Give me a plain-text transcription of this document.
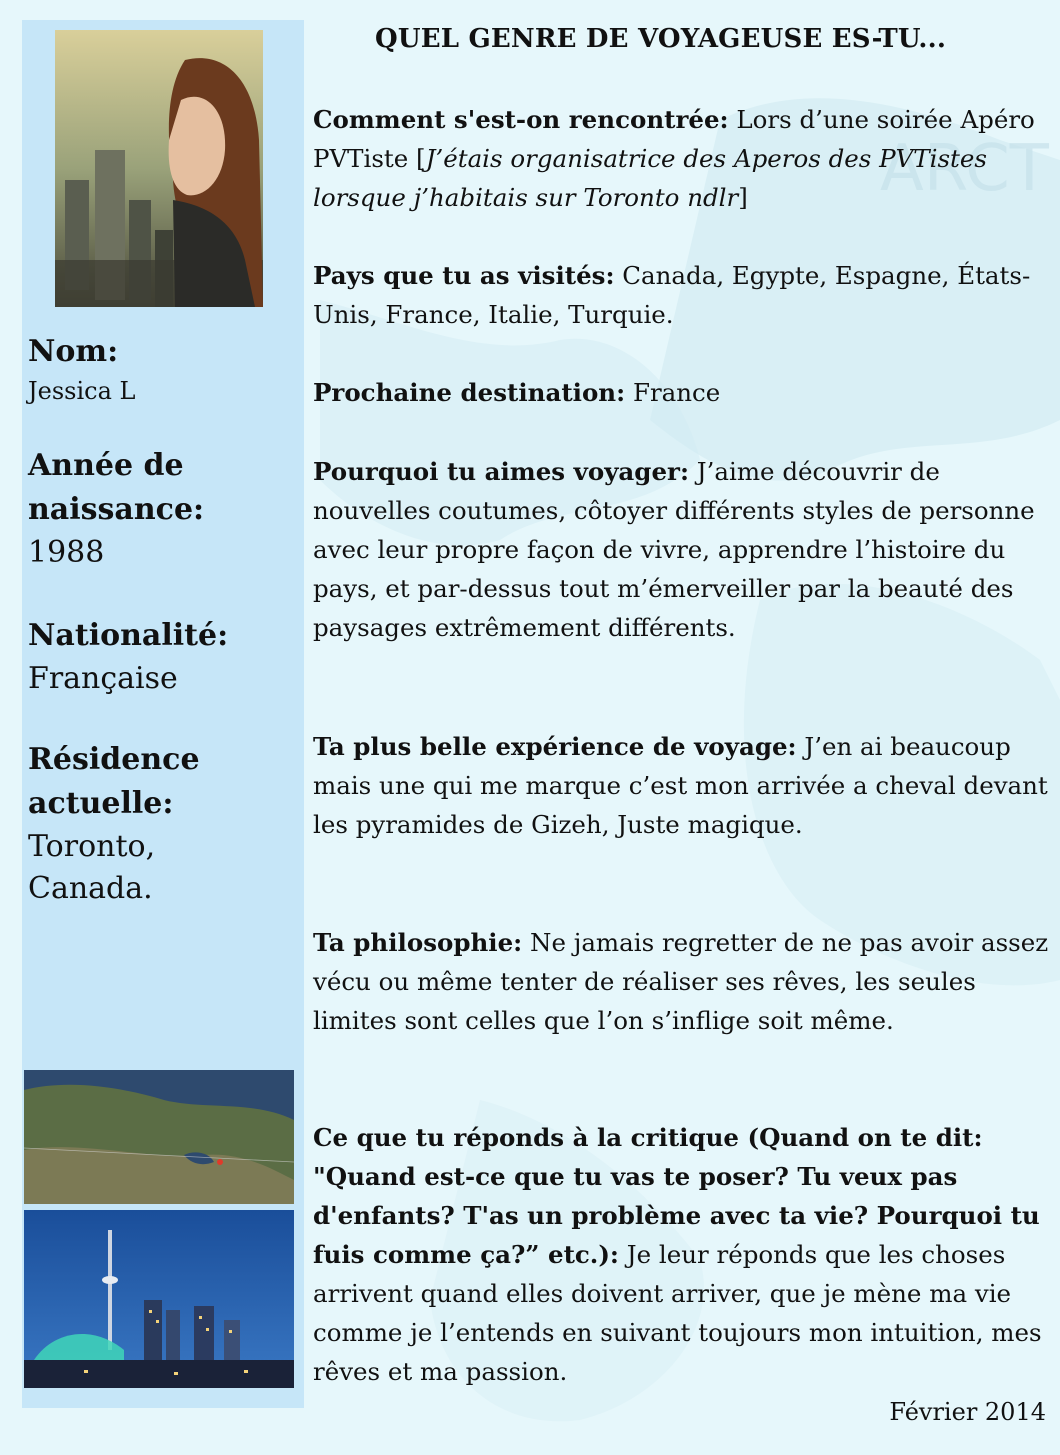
ARCT
Nom:
Jessica L
Année de
naissance:
1988
Nationalité:
Française
Résidence
actuelle:
Toronto,
Canada.
QUEL GENRE DE VOYAGEUSE ES-TU...
Comment s'est-on rencontrée: Lors d’une soirée Apéro PVTiste [J’étais organisatrice des Aperos des PVTistes lorsque j’habitais sur Toronto ndlr]
Pays que tu as visités: Canada, Egypte, Espagne, États-Unis, France, Italie, Turquie.
Prochaine destination: France
Pourquoi tu aimes voyager: J’aime découvrir de nouvelles coutumes, côtoyer différents styles de personne avec leur propre façon de vivre, apprendre l’histoire du pays, et par-dessus tout m’émerveiller par la beauté des paysages extrêmement différents.
Ta plus belle expérience de voyage: J’en ai beaucoup mais une qui me marque c’est mon arrivée a cheval devant les pyramides de Gizeh, Juste magique.
Ta philosophie: Ne jamais regretter de ne pas avoir assez vécu ou même tenter de réaliser ses rêves, les seules limites sont celles que l’on s’inflige soit même.
Ce que tu réponds à la critique (Quand on te dit: "Quand est-ce que tu vas te poser? Tu veux pas d'enfants? T'as un problème avec ta vie? Pourquoi tu fuis comme ça?” etc.): Je leur réponds que les choses arrivent quand elles doivent arriver, que je mène ma vie comme je l’entends en suivant toujours mon intuition, mes rêves et ma passion.
Février 2014
